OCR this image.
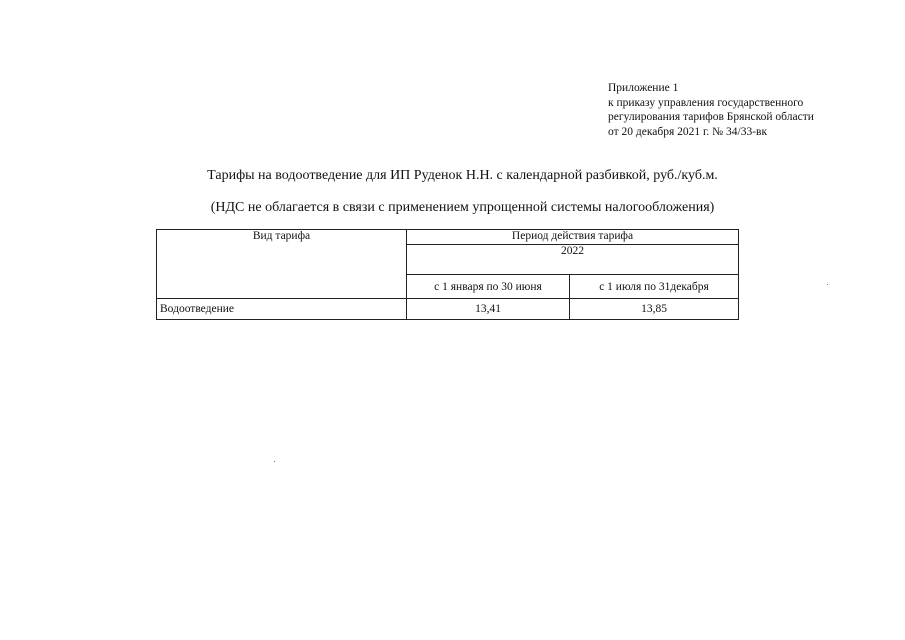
Приложение 1
к приказу управления государственного
регулирования тарифов Брянской области
от 20 декабря 2021 г. № 34/33-вк
Тарифы на водоотведение для ИП Руденок Н.Н. с календарной разбивкой, руб./куб.м.
(НДС не облагается в связи с применением упрощенной системы налогообложения)
Вид тарифа	Период действия тарифа	
	2022	
	с 1 января по 30 июня	с 1 июля по 31декабря
Водоотведение	13,41	13,85
